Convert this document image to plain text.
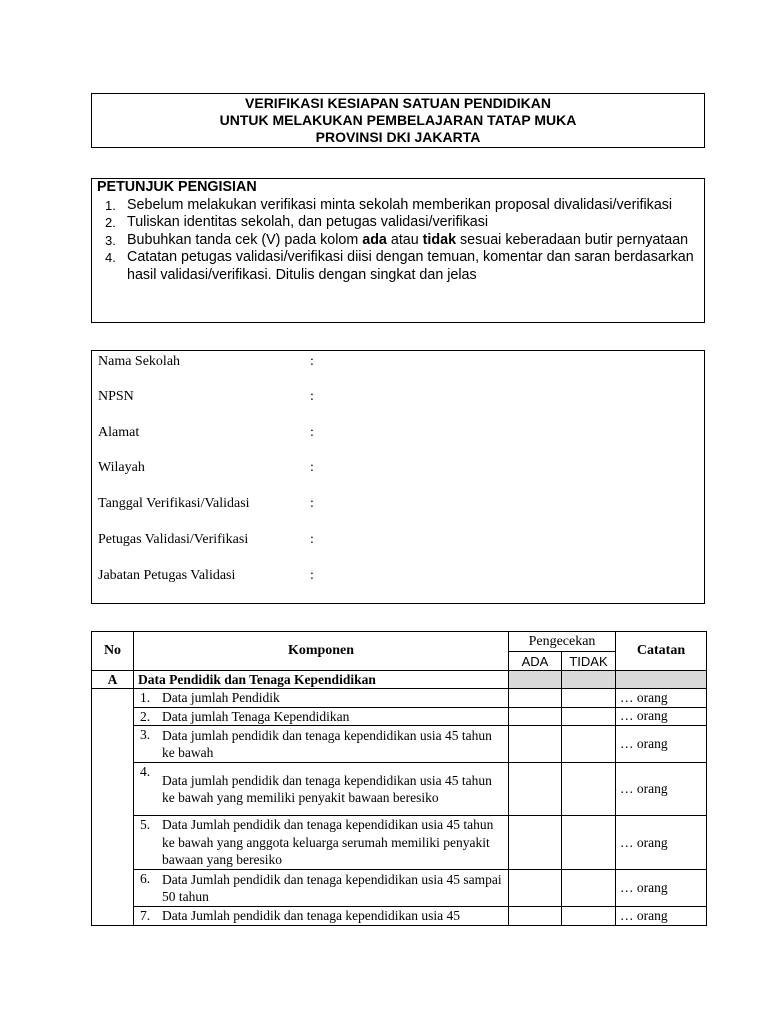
VERIFIKASI KESIAPAN SATUAN PENDIDIKAN
UNTUK MELAKUKAN PEMBELAJARAN TATAP MUKA
PROVINSI DKI JAKARTA
PETUNJUK PENGISIAN
1. Sebelum melakukan verifikasi minta sekolah memberikan proposal divalidasi/verifikasi
2. Tuliskan identitas sekolah, dan petugas validasi/verifikasi
3. Bubuhkan tanda cek (V) pada kolom ada atau tidak sesuai keberadaan butir pernyataan
4. Catatan petugas validasi/verifikasi diisi dengan temuan, komentar dan saran berdasarkan hasil validasi/verifikasi. Ditulis dengan singkat dan jelas
Nama Sekolah	:
NPSN	:
Alamat	:
Wilayah	:
Tanggal Verifikasi/Validasi	:
Petugas Validasi/Verifikasi	:
Jabatan Petugas Validasi	:
No	Komponen	Pengecekan		Catatan
		ADA	TIDAK	
A	Data Pendidik dan Tenaga Kependidikan			

	1. Data jumlah Pendidik			… orang

	2. Data jumlah Tenaga Kependidikan			… orang

	3. Data jumlah pendidik dan tenaga kependidikan usia 45 tahun ke bawah			… orang

	4.
Data jumlah pendidik dan tenaga kependidikan usia 45 tahun ke bawah yang memiliki penyakit bawaan beresiko			… orang

	5. Data Jumlah pendidik dan tenaga kependidikan usia 45 tahun ke bawah yang anggota keluarga serumah memiliki penyakit bawaan yang beresiko			… orang

	6. Data Jumlah pendidik dan tenaga kependidikan usia 45 sampai 50 tahun			… orang

	7. Data Jumlah pendidik dan tenaga kependidikan usia 45			… orang
